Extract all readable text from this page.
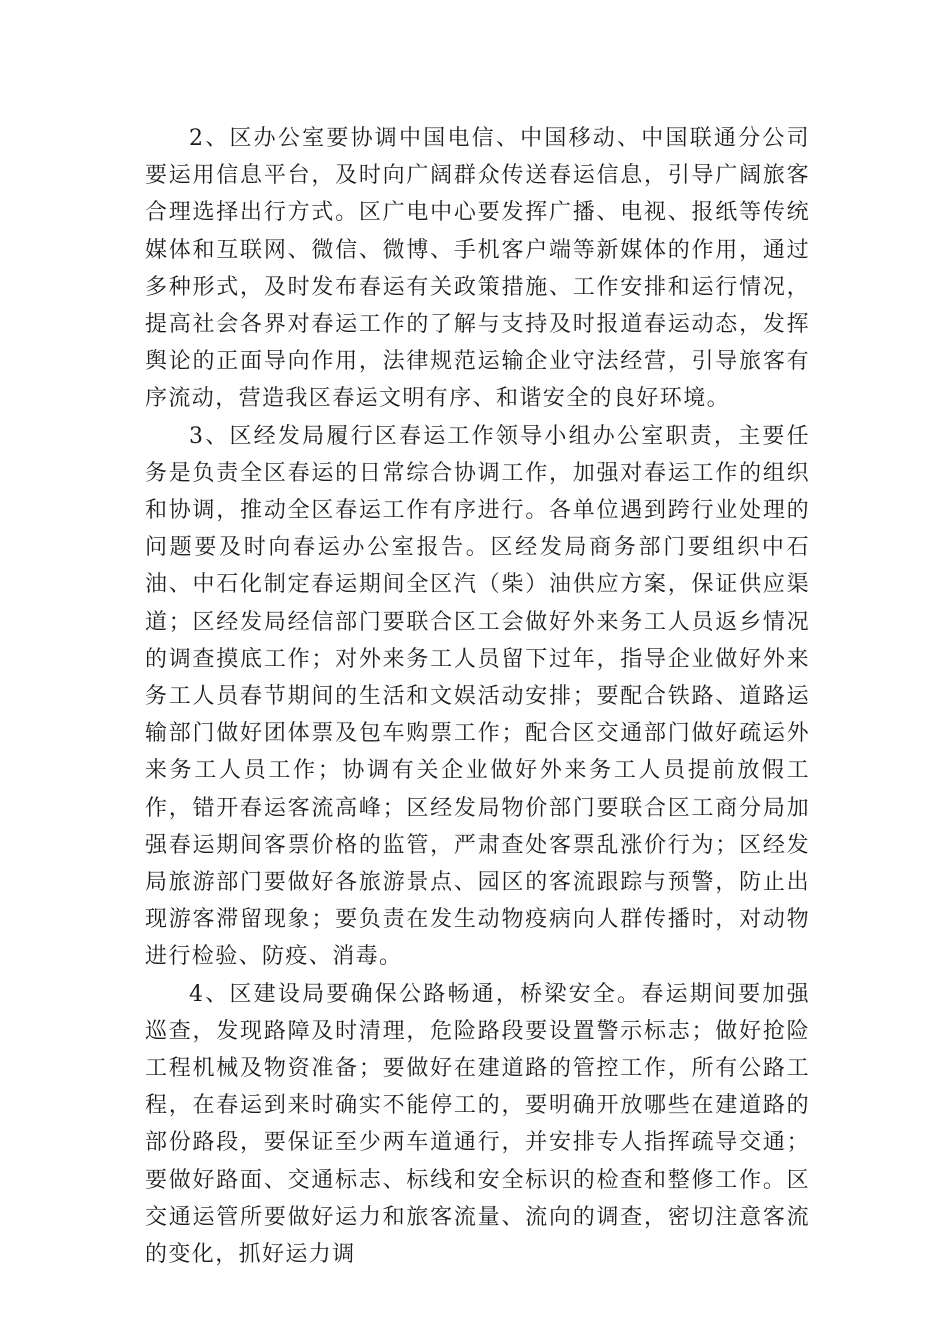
2、区办公室要协调中国电信、中国移动、中国联通分公司要运用信息平台，及时向广阔群众传送春运信息，引导广阔旅客合理选择出行方式。区广电中心要发挥广播、电视、报纸等传统媒体和互联网、微信、微博、手机客户端等新媒体的作用，通过多种形式，及时发布春运有关政策措施、工作安排和运行情况，提高社会各界对春运工作的了解与支持及时报道春运动态，发挥舆论的正面导向作用，法律规范运输企业守法经营，引导旅客有序流动，营造我区春运文明有序、和谐安全的良好环境。

3、区经发局履行区春运工作领导小组办公室职责，主要任务是负责全区春运的日常综合协调工作，加强对春运工作的组织和协调，推动全区春运工作有序进行。各单位遇到跨行业处理的问题要及时向春运办公室报告。区经发局商务部门要组织中石油、中石化制定春运期间全区汽（柴）油供应方案，保证供应渠道；区经发局经信部门要联合区工会做好外来务工人员返乡情况的调查摸底工作；对外来务工人员留下过年，指导企业做好外来务工人员春节期间的生活和文娱活动安排；要配合铁路、道路运输部门做好团体票及包车购票工作；配合区交通部门做好疏运外来务工人员工作；协调有关企业做好外来务工人员提前放假工作，错开春运客流高峰；区经发局物价部门要联合区工商分局加强春运期间客票价格的监管，严肃查处客票乱涨价行为；区经发局旅游部门要做好各旅游景点、园区的客流跟踪与预警，防止出现游客滞留现象；要负责在发生动物疫病向人群传播时，对动物进行检验、防疫、消毒。

4、区建设局要确保公路畅通，桥梁安全。春运期间要加强巡查，发现路障及时清理，危险路段要设置警示标志；做好抢险工程机械及物资准备；要做好在建道路的管控工作，所有公路工程，在春运到来时确实不能停工的，要明确开放哪些在建道路的部份路段，要保证至少两车道通行，并安排专人指挥疏导交通；要做好路面、交通标志、标线和安全标识的检查和整修工作。区交通运管所要做好运力和旅客流量、流向的调查，密切注意客流的变化，抓好运力调
